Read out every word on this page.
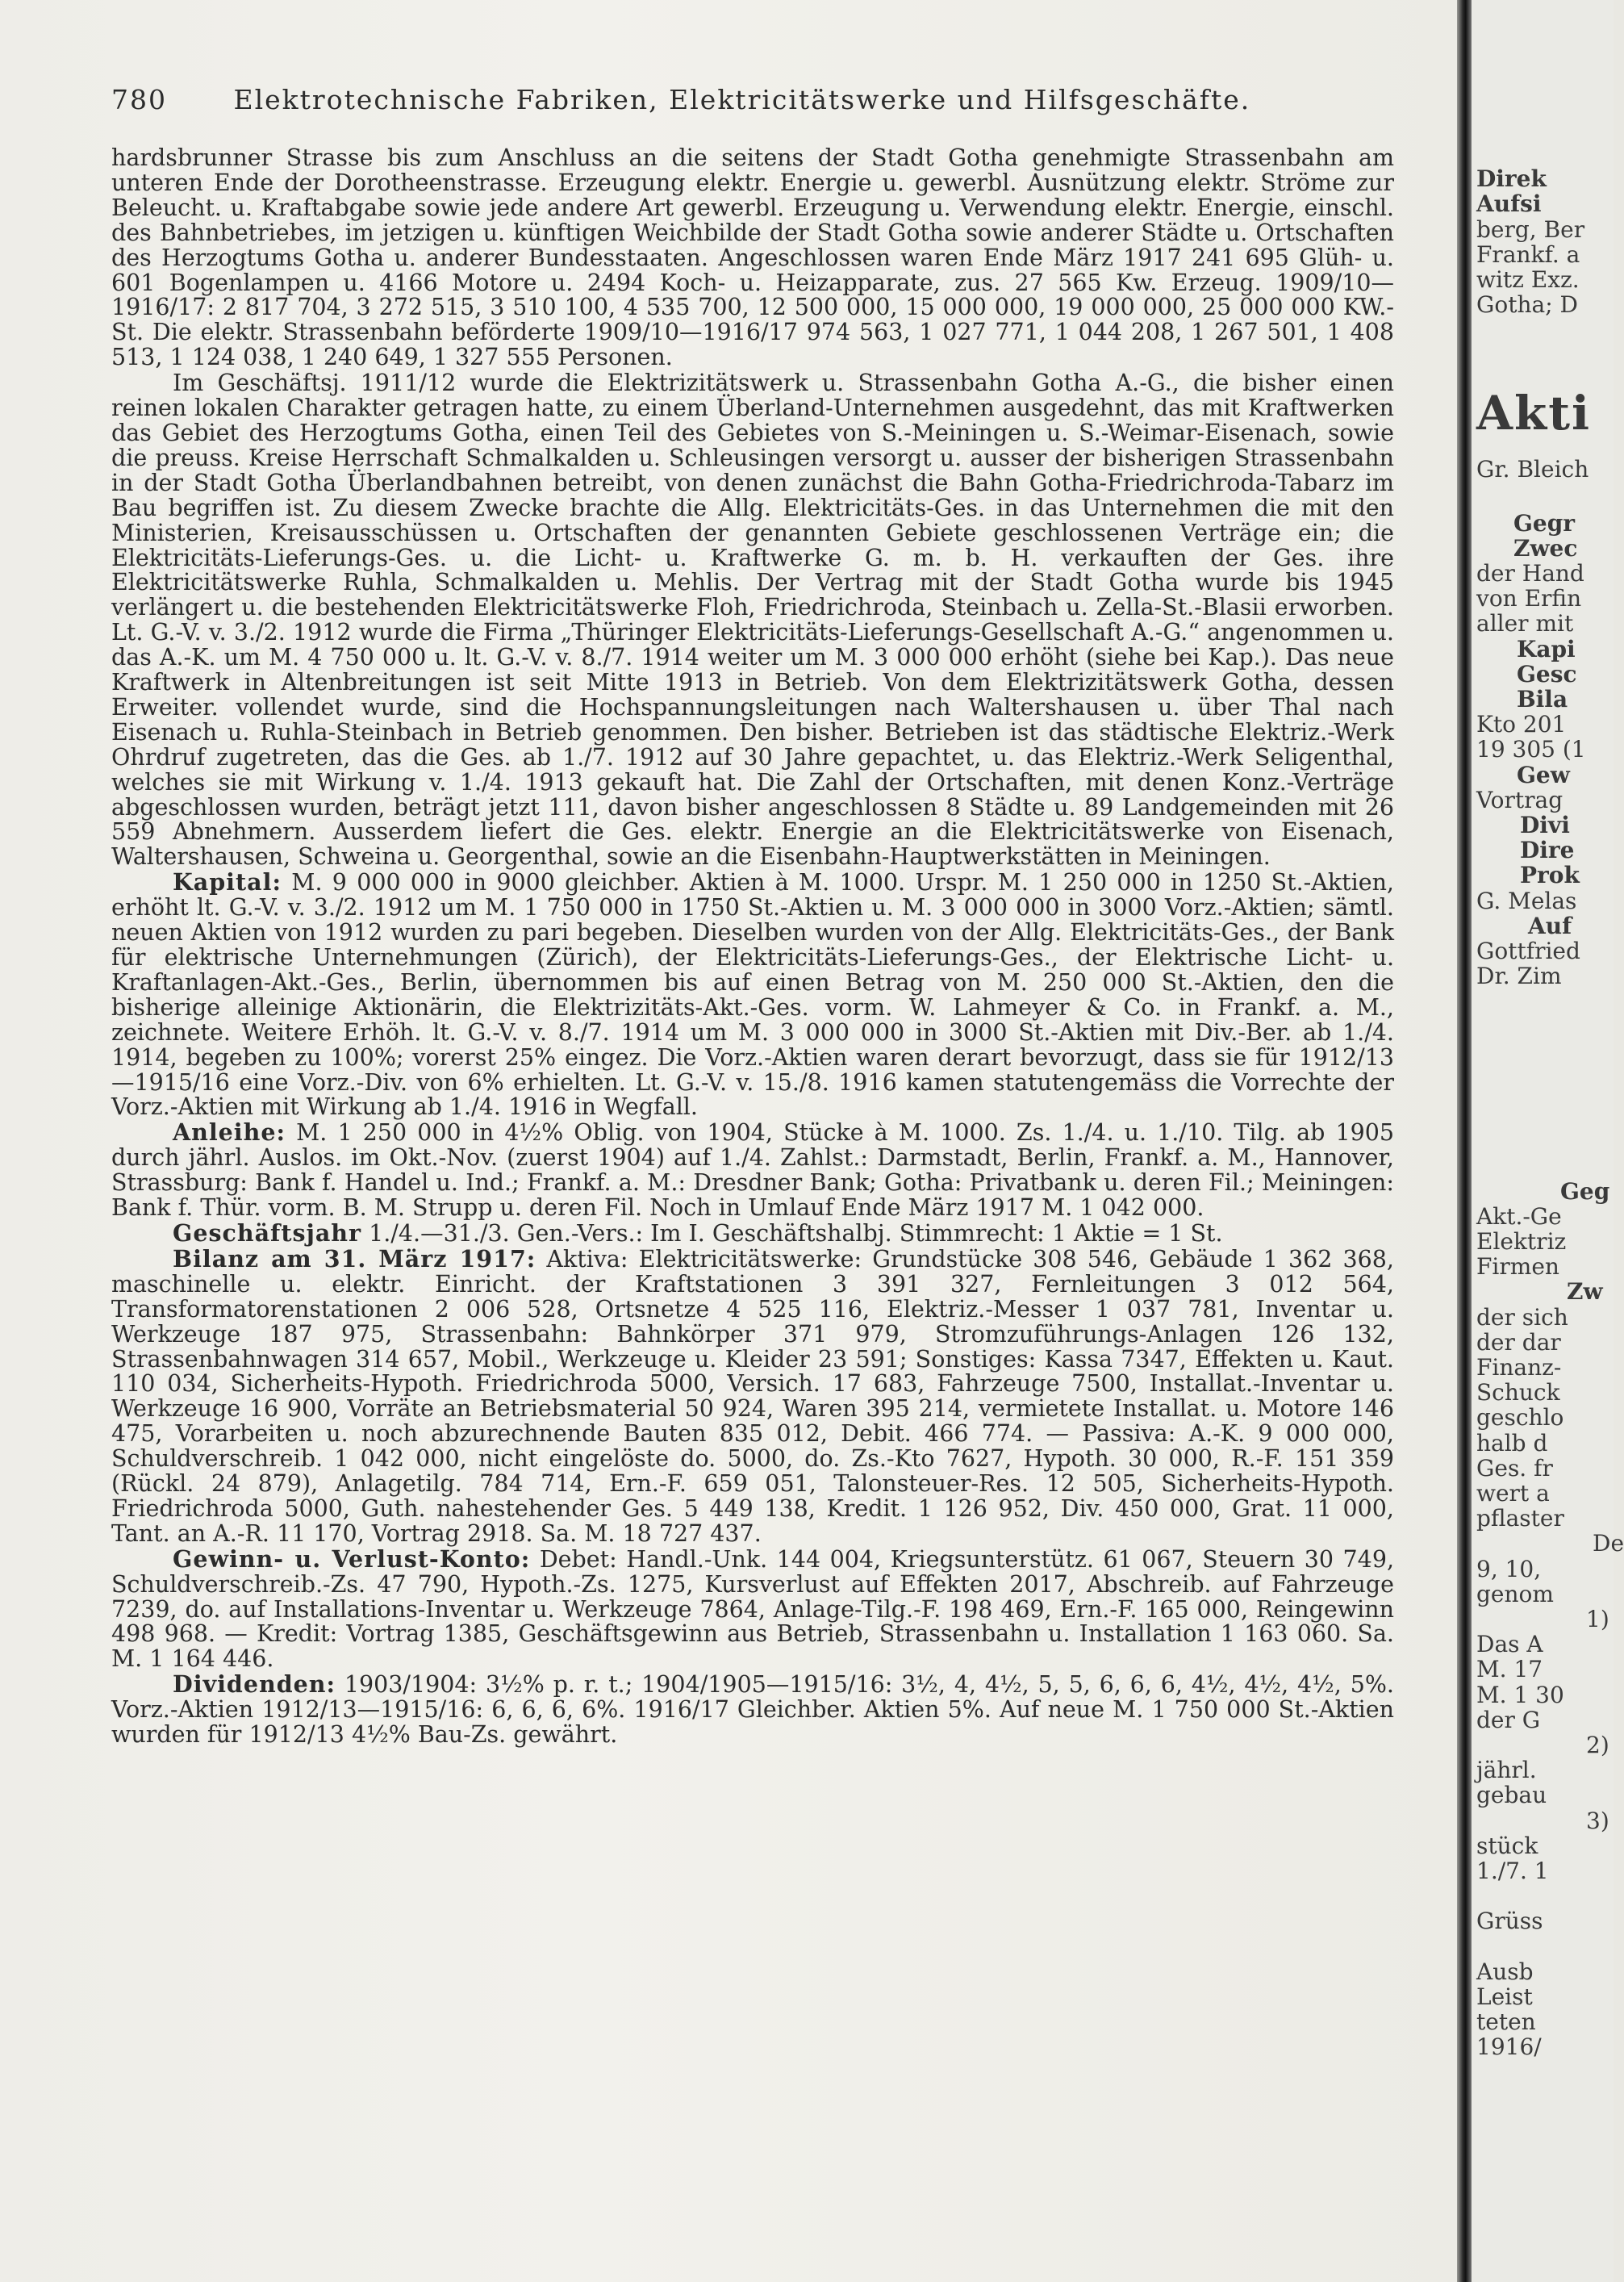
780	Elektrotechnische Fabriken, Elektricitätswerke und Hilfsgeschäfte.

hardsbrunner Strasse bis zum Anschluss an die seitens der Stadt Gotha genehmigte Strassenbahn am unteren Ende der Dorotheenstrasse. Erzeugung elektr. Energie u. gewerbl. Ausnützung elektr. Ströme zur Beleucht. u. Kraftabgabe sowie jede andere Art gewerbl. Erzeugung u. Verwendung elektr. Energie, einschl. des Bahnbetriebes, im jetzigen u. künftigen Weichbilde der Stadt Gotha sowie anderer Städte u. Ortschaften des Herzogtums Gotha u. anderer Bundesstaaten. Angeschlossen waren Ende März 1917 241 695 Glüh- u. 601 Bogenlampen u. 4166 Motore u. 2494 Koch- u. Heizapparate, zus. 27 565 Kw. Erzeug. 1909/10—1916/17: 2 817 704, 3 272 515, 3 510 100, 4 535 700, 12 500 000, 15 000 000, 19 000 000, 25 000 000 KW.-St. Die elektr. Strassenbahn beförderte 1909/10—1916/17 974 563, 1 027 771, 1 044 208, 1 267 501, 1 408 513, 1 124 038, 1 240 649, 1 327 555 Personen.

Im Geschäftsj. 1911/12 wurde die Elektrizitätswerk u. Strassenbahn Gotha A.-G., die bisher einen reinen lokalen Charakter getragen hatte, zu einem Überland-Unternehmen ausgedehnt, das mit Kraftwerken das Gebiet des Herzogtums Gotha, einen Teil des Gebietes von S.-Meiningen u. S.-Weimar-Eisenach, sowie die preuss. Kreise Herrschaft Schmalkalden u. Schleusingen versorgt u. ausser der bisherigen Strassenbahn in der Stadt Gotha Überlandbahnen betreibt, von denen zunächst die Bahn Gotha-Friedrichroda-Tabarz im Bau begriffen ist. Zu diesem Zwecke brachte die Allg. Elektricitäts-Ges. in das Unternehmen die mit den Ministerien, Kreisausschüssen u. Ortschaften der genannten Gebiete geschlossenen Verträge ein; die Elektricitäts-Lieferungs-Ges. u. die Licht- u. Kraftwerke G. m. b. H. verkauften der Ges. ihre Elektricitätswerke Ruhla, Schmalkalden u. Mehlis. Der Vertrag mit der Stadt Gotha wurde bis 1945 verlängert u. die bestehenden Elektricitätswerke Floh, Friedrichroda, Steinbach u. Zella-St.-Blasii erworben. Lt. G.-V. v. 3./2. 1912 wurde die Firma „Thüringer Elektricitäts-Lieferungs-Gesellschaft A.-G.“ angenommen u. das A.-K. um M. 4 750 000 u. lt. G.-V. v. 8./7. 1914 weiter um M. 3 000 000 erhöht (siehe bei Kap.). Das neue Kraftwerk in Altenbreitungen ist seit Mitte 1913 in Betrieb. Von dem Elektrizitätswerk Gotha, dessen Erweiter. vollendet wurde, sind die Hochspannungsleitungen nach Waltershausen u. über Thal nach Eisenach u. Ruhla-Steinbach in Betrieb genommen. Den bisher. Betrieben ist das städtische Elektriz.-Werk Ohrdruf zugetreten, das die Ges. ab 1./7. 1912 auf 30 Jahre gepachtet, u. das Elektriz.-Werk Seligenthal, welches sie mit Wirkung v. 1./4. 1913 gekauft hat. Die Zahl der Ortschaften, mit denen Konz.-Verträge abgeschlossen wurden, beträgt jetzt 111, davon bisher angeschlossen 8 Städte u. 89 Landgemeinden mit 26 559 Abnehmern. Ausserdem liefert die Ges. elektr. Energie an die Elektricitätswerke von Eisenach, Waltershausen, Schweina u. Georgenthal, sowie an die Eisenbahn-Hauptwerkstätten in Meiningen.

Kapital: M. 9 000 000 in 9000 gleichber. Aktien à M. 1000. Urspr. M. 1 250 000 in 1250 St.-Aktien, erhöht lt. G.-V. v. 3./2. 1912 um M. 1 750 000 in 1750 St.-Aktien u. M. 3 000 000 in 3000 Vorz.-Aktien; sämtl. neuen Aktien von 1912 wurden zu pari begeben. Dieselben wurden von der Allg. Elektricitäts-Ges., der Bank für elektrische Unternehmungen (Zürich), der Elektricitäts-Lieferungs-Ges., der Elektrische Licht- u. Kraftanlagen-Akt.-Ges., Berlin, übernommen bis auf einen Betrag von M. 250 000 St.-Aktien, den die bisherige alleinige Aktionärin, die Elektrizitäts-Akt.-Ges. vorm. W. Lahmeyer & Co. in Frankf. a. M., zeichnete. Weitere Erhöh. lt. G.-V. v. 8./7. 1914 um M. 3 000 000 in 3000 St.-Aktien mit Div.-Ber. ab 1./4. 1914, begeben zu 100%; vorerst 25% eingez. Die Vorz.-Aktien waren derart bevorzugt, dass sie für 1912/13—1915/16 eine Vorz.-Div. von 6% erhielten. Lt. G.-V. v. 15./8. 1916 kamen statutengemäss die Vorrechte der Vorz.-Aktien mit Wirkung ab 1./4. 1916 in Wegfall.

Anleihe: M. 1 250 000 in 4½% Oblig. von 1904, Stücke à M. 1000. Zs. 1./4. u. 1./10. Tilg. ab 1905 durch jährl. Auslos. im Okt.-Nov. (zuerst 1904) auf 1./4. Zahlst.: Darmstadt, Berlin, Frankf. a. M., Hannover, Strassburg: Bank f. Handel u. Ind.; Frankf. a. M.: Dresdner Bank; Gotha: Privatbank u. deren Fil.; Meiningen: Bank f. Thür. vorm. B. M. Strupp u. deren Fil. Noch in Umlauf Ende März 1917 M. 1 042 000.

Geschäftsjahr 1./4.—31./3. Gen.-Vers.: Im I. Geschäftshalbj. Stimmrecht: 1 Aktie = 1 St.

Bilanz am 31. März 1917: Aktiva: Elektricitätswerke: Grundstücke 308 546, Gebäude 1 362 368, maschinelle u. elektr. Einricht. der Kraftstationen 3 391 327, Fernleitungen 3 012 564, Transformatorenstationen 2 006 528, Ortsnetze 4 525 116, Elektriz.-Messer 1 037 781, Inventar u. Werkzeuge 187 975, Strassenbahn: Bahnkörper 371 979, Stromzuführungs-Anlagen 126 132, Strassenbahnwagen 314 657, Mobil., Werkzeuge u. Kleider 23 591; Sonstiges: Kassa 7347, Effekten u. Kaut. 110 034, Sicherheits-Hypoth. Friedrichroda 5000, Versich. 17 683, Fahrzeuge 7500, Installat.-Inventar u. Werkzeuge 16 900, Vorräte an Betriebsmaterial 50 924, Waren 395 214, vermietete Installat. u. Motore 146 475, Vorarbeiten u. noch abzurechnende Bauten 835 012, Debit. 466 774. — Passiva: A.-K. 9 000 000, Schuldverschreib. 1 042 000, nicht eingelöste do. 5000, do. Zs.-Kto 7627, Hypoth. 30 000, R.-F. 151 359 (Rückl. 24 879), Anlagetilg. 784 714, Ern.-F. 659 051, Talonsteuer-Res. 12 505, Sicherheits-Hypoth. Friedrichroda 5000, Guth. nahestehender Ges. 5 449 138, Kredit. 1 126 952, Div. 450 000, Grat. 11 000, Tant. an A.-R. 11 170, Vortrag 2918. Sa. M. 18 727 437.

Gewinn- u. Verlust-Konto: Debet: Handl.-Unk. 144 004, Kriegsunterstütz. 61 067, Steuern 30 749, Schuldverschreib.-Zs. 47 790, Hypoth.-Zs. 1275, Kursverlust auf Effekten 2017, Abschreib. auf Fahrzeuge 7239, do. auf Installations-Inventar u. Werkzeuge 7864, Anlage-Tilg.-F. 198 469, Ern.-F. 165 000, Reingewinn 498 968. — Kredit: Vortrag 1385, Geschäftsgewinn aus Betrieb, Strassenbahn u. Installation 1 163 060. Sa. M. 1 164 446.

Dividenden: 1903/1904: 3½% p. r. t.; 1904/1905—1915/16: 3½, 4, 4½, 5, 5, 6, 6, 6, 4½, 4½, 4½, 5%. Vorz.-Aktien 1912/13—1915/16: 6, 6, 6, 6%. 1916/17 Gleichber. Aktien 5%. Auf neue M. 1 750 000 St.-Aktien wurden für 1912/13 4½% Bau-Zs. gewährt.

Direk
Aufsi
berg, Ber
Frankf. a
witz Exz.
Gotha; D
Akti
Gr. Bleich
Gegr
Zwec
der Hand
von Erfin
aller mit
Kapi
Gesc
Bila
Kto 201
19 305 (1
Gew
Vortrag
Divi
Dire
Prok
G. Melas
Auf
Gottfried
Dr. Zim
Geg
Akt.-Ge
Elektriz
Firmen
Zw
der sich
der dar
Finanz-
Schuck
geschlo
halb d
Ges. fr
wert a
pflaster
De
9, 10,
genom
1)
Das A
M. 17
M. 1 30
der G
2)
jährl.
gebau
3)
stück
1./7. 1
Grüss
Ausb
Leist
teten
1916/
